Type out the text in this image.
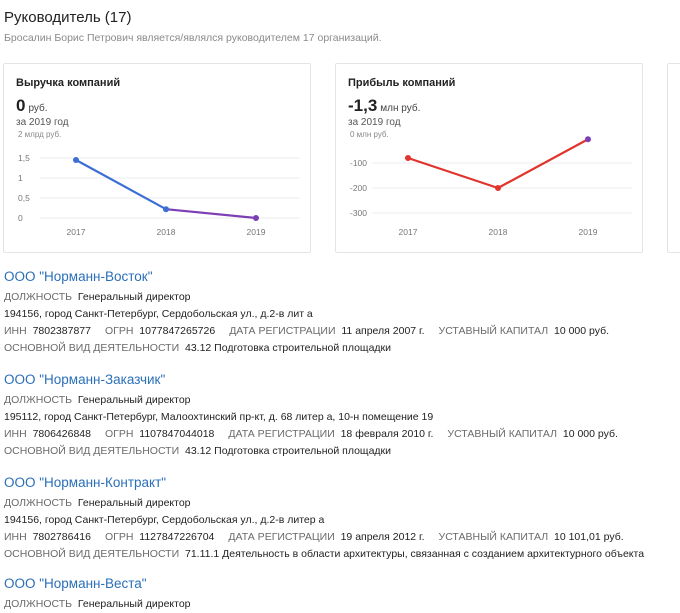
Руководитель (17)
Бросалин Борис Петрович является/являлся руководителем 17 организаций.
Выручка компаний
0 руб.
за 2019 год
2 млрд руб.
1,5
1
0,5
0
2017	2018	2019
Прибыль компаний
-1,3 млн руб.
за 2019 год
0 млн руб.
-100
-200
-300
2017	2018	2019
ООО "Норманн-Восток"
ДОЛЖНОСТЬ Генеральный директор
194156, город Санкт-Петербург, Сердобольская ул., д.2-в лит а
ИНН 7802387877 ОГРН 1077847265726 ДАТА РЕГИСТРАЦИИ 11 апреля 2007 г. УСТАВНЫЙ КАПИТАЛ 10 000 руб.
ОСНОВНОЙ ВИД ДЕЯТЕЛЬНОСТИ 43.12 Подготовка строительной площадки
ООО "Норманн-Заказчик"
ДОЛЖНОСТЬ Генеральный директор
195112, город Санкт-Петербург, Малоохтинский пр-кт, д. 68 литер а, 10-н помещение 19
ИНН 7806426848 ОГРН 1107847044018 ДАТА РЕГИСТРАЦИИ 18 февраля 2010 г. УСТАВНЫЙ КАПИТАЛ 10 000 руб.
ОСНОВНОЙ ВИД ДЕЯТЕЛЬНОСТИ 43.12 Подготовка строительной площадки
ООО "Норманн-Контракт"
ДОЛЖНОСТЬ Генеральный директор
194156, город Санкт-Петербург, Сердобольская ул., д.2-в литер а
ИНН 7802786416 ОГРН 1127847226704 ДАТА РЕГИСТРАЦИИ 19 апреля 2012 г. УСТАВНЫЙ КАПИТАЛ 10 101,01 руб.
ОСНОВНОЙ ВИД ДЕЯТЕЛЬНОСТИ 71.11.1 Деятельность в области архитектуры, связанная с созданием архитектурного объекта
ООО "Норманн-Веста"
ДОЛЖНОСТЬ Генеральный директор
